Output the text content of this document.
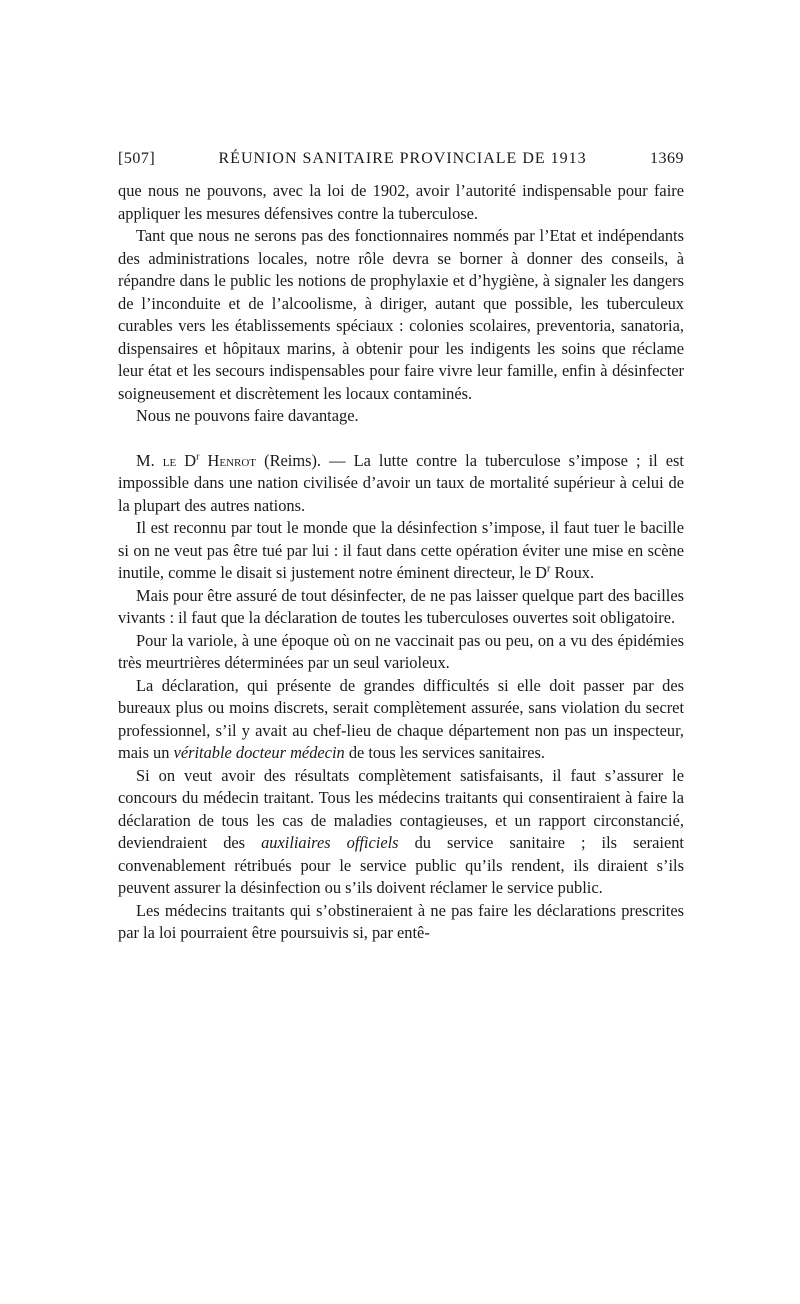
[507]	RÉUNION SANITAIRE PROVINCIALE DE 1913	1369

que nous ne pouvons, avec la loi de 1902, avoir l’autorité indispensable pour faire appliquer les mesures défensives contre la tuberculose.

Tant que nous ne serons pas des fonctionnaires nommés par l’Etat et indépendants des administrations locales, notre rôle devra se borner à donner des conseils, à répandre dans le public les notions de prophylaxie et d’hygiène, à signaler les dangers de l’inconduite et de l’alcoolisme, à diriger, autant que possible, les tuberculeux curables vers les établissements spéciaux : colonies scolaires, preventoria, sanatoria, dispensaires et hôpitaux marins, à obtenir pour les indigents les soins que réclame leur état et les secours indispensables pour faire vivre leur famille, enfin à désinfecter soigneusement et discrètement les locaux contaminés.

Nous ne pouvons faire davantage.

M. le $D^r$ Henrot (Reims). — La lutte contre la tuberculose s’impose ; il est impossible dans une nation civilisée d’avoir un taux de mortalité supérieur à celui de la plupart des autres nations.

Il est reconnu par tout le monde que la désinfection s’impose, il faut tuer le bacille si on ne veut pas être tué par lui : il faut dans cette opération éviter une mise en scène inutile, comme le disait si justement notre éminent directeur, le $D^r$ Roux.

Mais pour être assuré de tout désinfecter, de ne pas laisser quelque part des bacilles vivants : il faut que la déclaration de toutes les tuberculoses ouvertes soit obligatoire.

Pour la variole, à une époque où on ne vaccinait pas ou peu, on a vu des épidémies très meurtrières déterminées par un seul varioleux.

La déclaration, qui présente de grandes difficultés si elle doit passer par des bureaux plus ou moins discrets, serait complètement assurée, sans violation du secret professionnel, s’il y avait au chef-lieu de chaque département non pas un inspecteur, mais un véritable docteur médecin de tous les services sanitaires.

Si on veut avoir des résultats complètement satisfaisants, il faut s’assurer le concours du médecin traitant. Tous les médecins traitants qui consentiraient à faire la déclaration de tous les cas de maladies contagieuses, et un rapport circonstancié, deviendraient des auxiliaires officiels du service sanitaire ; ils seraient convenablement rétribués pour le service public qu’ils rendent, ils diraient s’ils peuvent assurer la désinfection ou s’ils doivent réclamer le service public.

Les médecins traitants qui s’obstineraient à ne pas faire les déclarations prescrites par la loi pourraient être poursuivis si, par entê-
